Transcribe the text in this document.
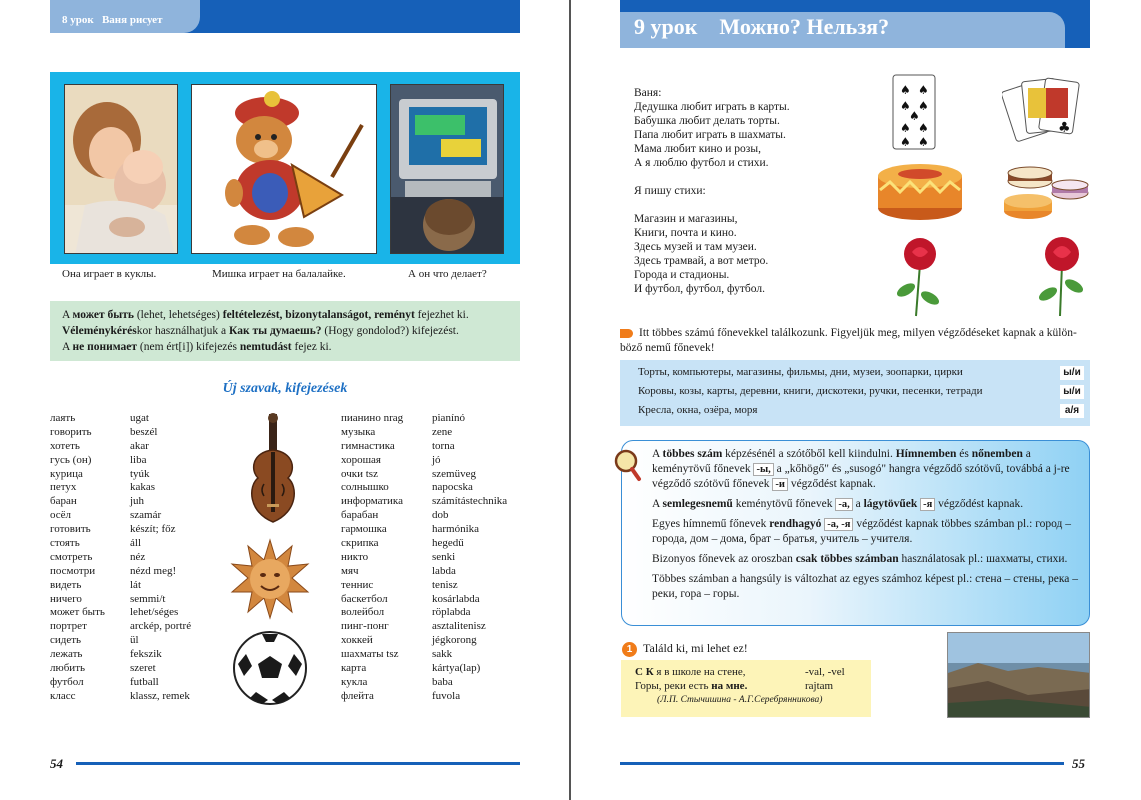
8 урок   Ваня рисует
Она играет в куклы.	Мишка играет на балалайке.	А он что делает?
A может быть (lehet, lehetséges) feltételezést, bizonytalanságot, reményt fejezhet ki.
Véleménykéréskor használhatjuk a Как ты думаешь? (Hogy gondolod?) kifejezést.
A не понимает (nem ért[i]) kifejezés nemtudást fejez ki.
Új szavak, kifejezések
лаять	ugat
говорить	beszél
хотеть	akar
гусь (он)	liba
курица	tyúk
петух	kakas
баран	juh
осёл	szamár
готовить	készít; főz
стоять	áll
смотреть	néz
посмотри	nézd meg!
видеть	lát
ничего	semmi/t
может быть lehet/séges
портрет	arckép, portré
сидеть	ül
лежать	fekszik
любить	szeret
футбол	futball
класс	klassz, remek
пианино nrag	pianínó
музыка	zene
гимнастика	torna
хорошая	jó
очки tsz	szemüveg
солнышко	napocska
информатика	számítástechnika
барабан	dob
гармошка	harmónika
скрипка	hegedű
никто	senki
мяч	labda
теннис	tenisz
баскетбол	kosárlabda
волейбол	röplabda
пинг-понг	asztalitenisz
хоккей	jégkorong
шахматы tsz	sakk
карта	kártya(lap)
кукла	baba
флейта	fuvola
54
9 урок    Можно? Нельзя?
Ваня:
Дедушка любит играть в карты.
Бабушка любит делать торты.
Папа любит играть в шахматы.
Мама любит кино и розы,
А я люблю футбол и стихи.

Я пишу стихи:

Магазин и магазины,
Книги, почта и кино.
Здесь музей и там музеи.
Здесь трамвай, а вот метро.
Города и стадионы.
И футбол, футбол, футбол.
♠ ♠
♠ ♠
♠
♠ ♠
♠ ♠
♣
Itt többes számú főnevekkel találkozunk. Figyeljük meg, milyen végződéseket kapnak a külön-böző nemű főnevek!
Торты, компьютеры, магазины, фильмы, дни, музеи, зоопарки, цирки	ы/и
Коровы, козы, карты, деревни, книги, дискотеки, ручки, песенки, тетради	ы/и
Кресла, окна, озёра, моря	а/я

A többes szám képzésénél a szótőből kell kiindulni. Hímnemben és nőnemben a keményтövű főnevek -ы, a „kőhögő" és „susogó" hangra végződő szótövű, továbbá a j-re végződő szótövű főnevek -и végződést kapnak.

A semlegesnemű keménytövű főnevek -а, a lágytövűek -я végződést kapnak.

Egyes hímnemű főnevek rendhagyó -а, -я végződést kapnak többes számban pl.: город – города, дом – дома, брат – братья, учитель – учителя.

Bizonyos főnevek az oroszban csak többes számban használatosak pl.: шахматы, стихи.

Többes számban a hangsúly is változhat az egyes számhoz képest pl.: стена – стены, река – реки, гора – горы.

1 Találd ki, mi lehet ez!
С К я в школе на стене,	-val, -vel
Горы, реки есть на мне.	rajtam
(Л.П. Стычишина - А.Г.Серебрянникова)
55
